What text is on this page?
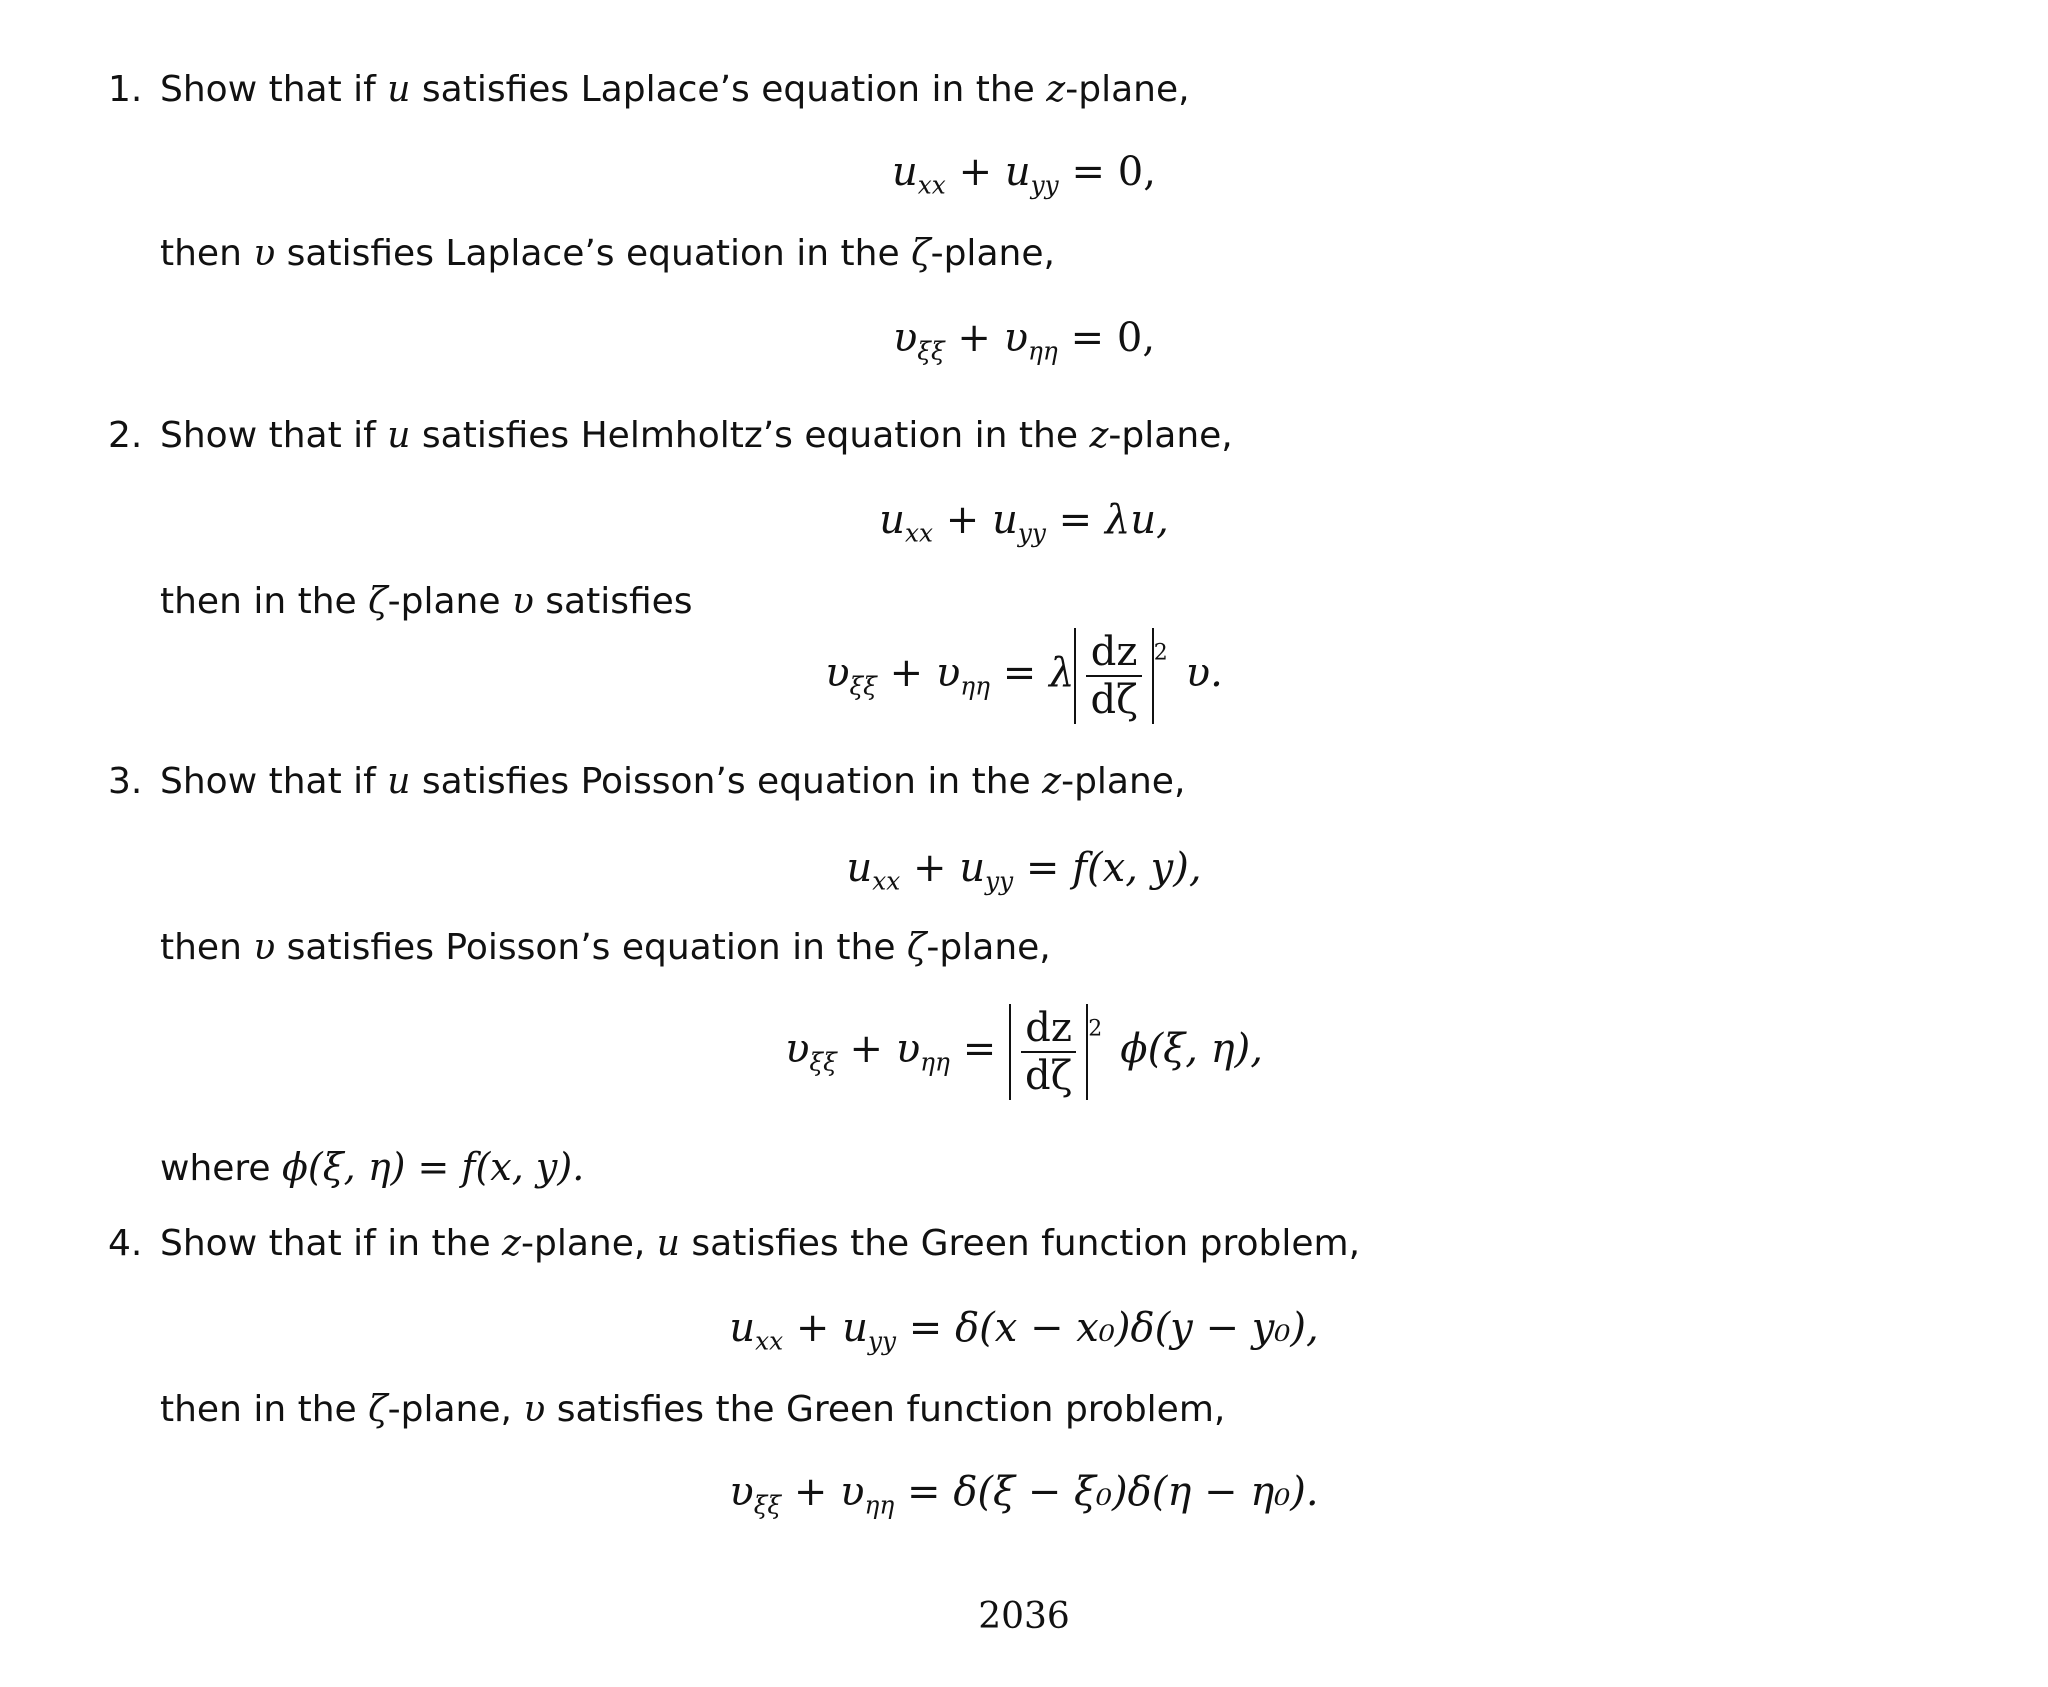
1. Show that if u satisfies Laplace’s equation in the z-plane,
$u_{xx} + u_{yy} = 0$,
then υ satisfies Laplace’s equation in the ζ-plane,
$\upsilon_{\xi\xi} + \upsilon_{\eta\eta} = 0$,
2. Show that if u satisfies Helmholtz’s equation in the z-plane,
$u_{xx} + u_{yy} = \lambda u$,
then in the ζ-plane υ satisfies
$\upsilon_{\xi\xi} + \upsilon_{\eta\eta} = \lambda \frac{dz}{d\zeta} ^2$ υ.
3. Show that if u satisfies Poisson’s equation in the z-plane,
$u_{xx} + u_{yy} = f(x$, y),
then υ satisfies Poisson’s equation in the ζ-plane,
$\upsilon_{\xi\xi} + \upsilon_{\eta\eta} = \frac{dz}{d\zeta} ^2$ ϕ(ξ, η),
where ϕ(ξ, η) = f(x, y).
4. Show that if in the z-plane, u satisfies the Green function problem,
$u_{xx} + u_{yy} = \delta(x - x_0)\delta(y - y_0)$,
then in the ζ-plane, υ satisfies the Green function problem,
$\upsilon_{\xi\xi} + \upsilon_{\eta\eta} = \delta(\xi - \xi_0)\delta(\eta - \eta_0)$.
2036
